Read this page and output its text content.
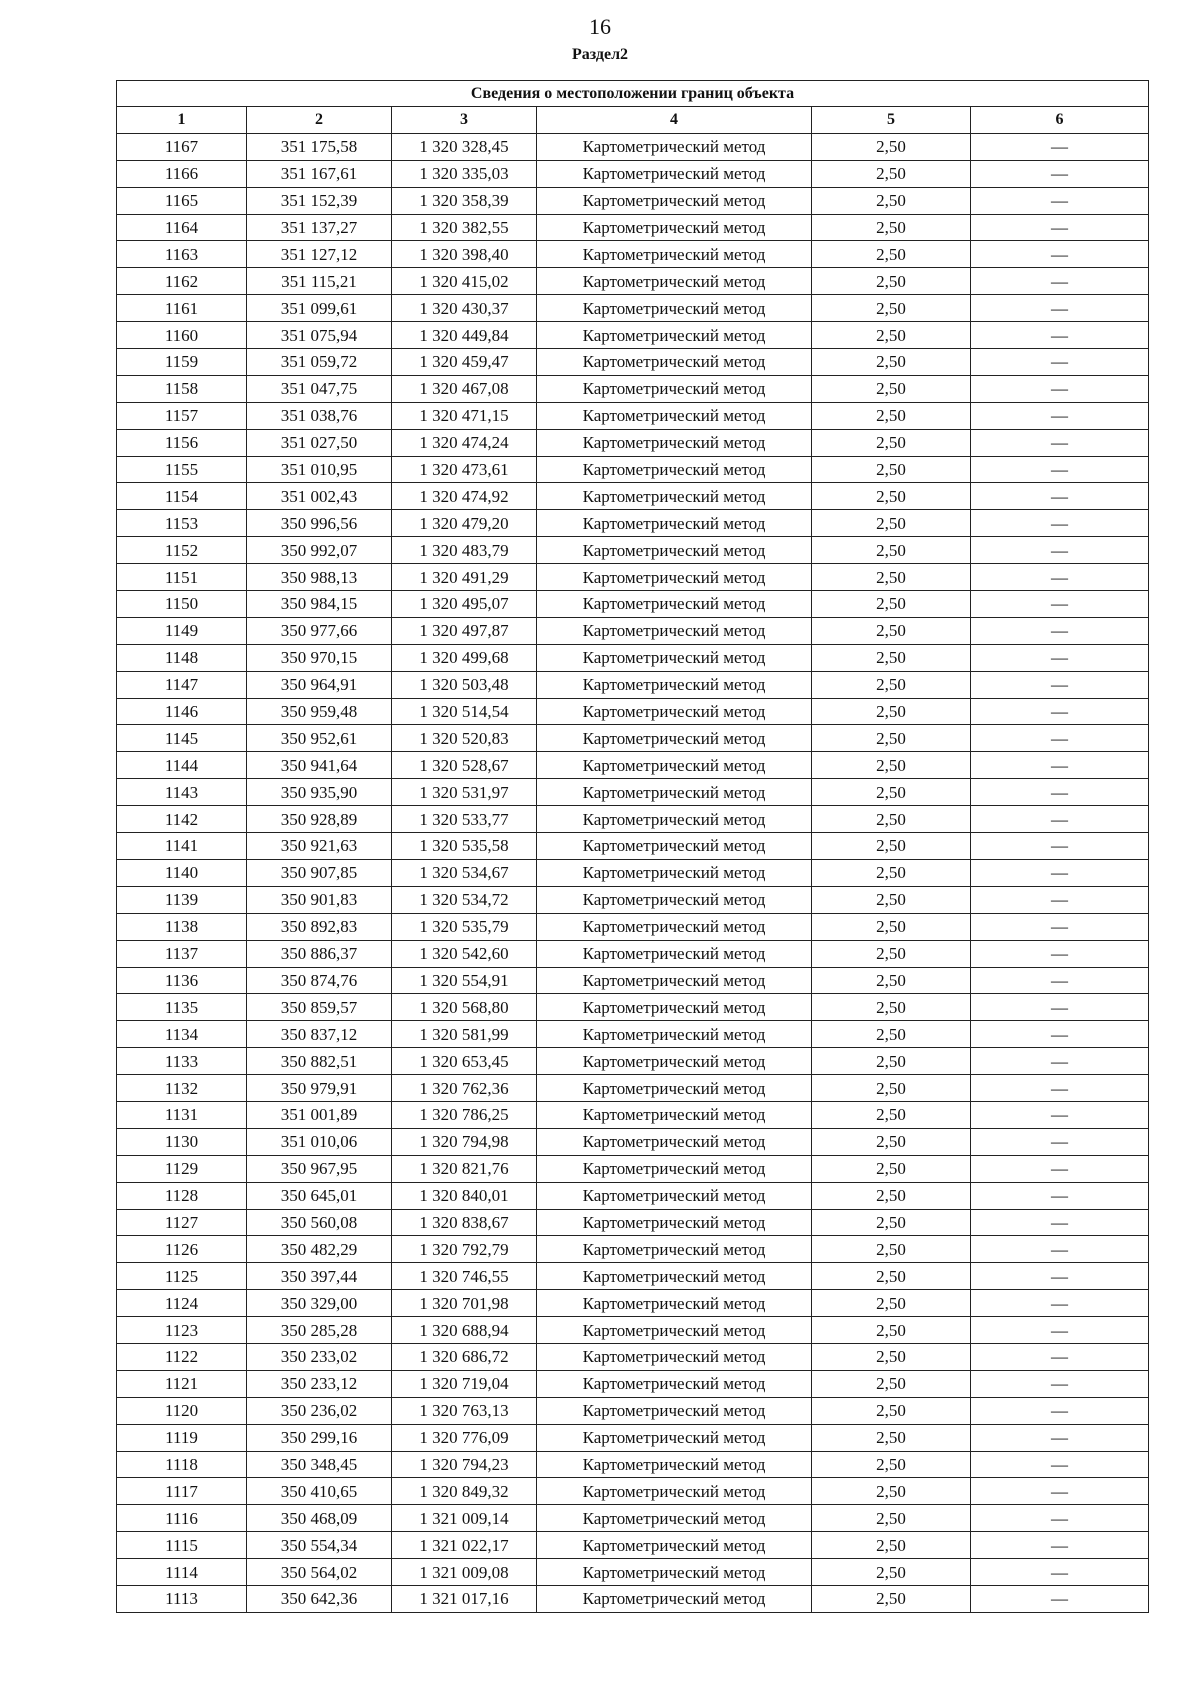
16
Раздел2
Сведения о местоположении границ объекта					
1	2	3	4	5	6
1167	351 175,58	1 320 328,45	Картометрический метод	2,50	—
1166	351 167,61	1 320 335,03	Картометрический метод	2,50	—
1165	351 152,39	1 320 358,39	Картометрический метод	2,50	—
1164	351 137,27	1 320 382,55	Картометрический метод	2,50	—
1163	351 127,12	1 320 398,40	Картометрический метод	2,50	—
1162	351 115,21	1 320 415,02	Картометрический метод	2,50	—
1161	351 099,61	1 320 430,37	Картометрический метод	2,50	—
1160	351 075,94	1 320 449,84	Картометрический метод	2,50	—
1159	351 059,72	1 320 459,47	Картометрический метод	2,50	—
1158	351 047,75	1 320 467,08	Картометрический метод	2,50	—
1157	351 038,76	1 320 471,15	Картометрический метод	2,50	—
1156	351 027,50	1 320 474,24	Картометрический метод	2,50	—
1155	351 010,95	1 320 473,61	Картометрический метод	2,50	—
1154	351 002,43	1 320 474,92	Картометрический метод	2,50	—
1153	350 996,56	1 320 479,20	Картометрический метод	2,50	—
1152	350 992,07	1 320 483,79	Картометрический метод	2,50	—
1151	350 988,13	1 320 491,29	Картометрический метод	2,50	—
1150	350 984,15	1 320 495,07	Картометрический метод	2,50	—
1149	350 977,66	1 320 497,87	Картометрический метод	2,50	—
1148	350 970,15	1 320 499,68	Картометрический метод	2,50	—
1147	350 964,91	1 320 503,48	Картометрический метод	2,50	—
1146	350 959,48	1 320 514,54	Картометрический метод	2,50	—
1145	350 952,61	1 320 520,83	Картометрический метод	2,50	—
1144	350 941,64	1 320 528,67	Картометрический метод	2,50	—
1143	350 935,90	1 320 531,97	Картометрический метод	2,50	—
1142	350 928,89	1 320 533,77	Картометрический метод	2,50	—
1141	350 921,63	1 320 535,58	Картометрический метод	2,50	—
1140	350 907,85	1 320 534,67	Картометрический метод	2,50	—
1139	350 901,83	1 320 534,72	Картометрический метод	2,50	—
1138	350 892,83	1 320 535,79	Картометрический метод	2,50	—
1137	350 886,37	1 320 542,60	Картометрический метод	2,50	—
1136	350 874,76	1 320 554,91	Картометрический метод	2,50	—
1135	350 859,57	1 320 568,80	Картометрический метод	2,50	—
1134	350 837,12	1 320 581,99	Картометрический метод	2,50	—
1133	350 882,51	1 320 653,45	Картометрический метод	2,50	—
1132	350 979,91	1 320 762,36	Картометрический метод	2,50	—
1131	351 001,89	1 320 786,25	Картометрический метод	2,50	—
1130	351 010,06	1 320 794,98	Картометрический метод	2,50	—
1129	350 967,95	1 320 821,76	Картометрический метод	2,50	—
1128	350 645,01	1 320 840,01	Картометрический метод	2,50	—
1127	350 560,08	1 320 838,67	Картометрический метод	2,50	—
1126	350 482,29	1 320 792,79	Картометрический метод	2,50	—
1125	350 397,44	1 320 746,55	Картометрический метод	2,50	—
1124	350 329,00	1 320 701,98	Картометрический метод	2,50	—
1123	350 285,28	1 320 688,94	Картометрический метод	2,50	—
1122	350 233,02	1 320 686,72	Картометрический метод	2,50	—
1121	350 233,12	1 320 719,04	Картометрический метод	2,50	—
1120	350 236,02	1 320 763,13	Картометрический метод	2,50	—
1119	350 299,16	1 320 776,09	Картометрический метод	2,50	—
1118	350 348,45	1 320 794,23	Картометрический метод	2,50	—
1117	350 410,65	1 320 849,32	Картометрический метод	2,50	—
1116	350 468,09	1 321 009,14	Картометрический метод	2,50	—
1115	350 554,34	1 321 022,17	Картометрический метод	2,50	—
1114	350 564,02	1 321 009,08	Картометрический метод	2,50	—
1113	350 642,36	1 321 017,16	Картометрический метод	2,50	—
